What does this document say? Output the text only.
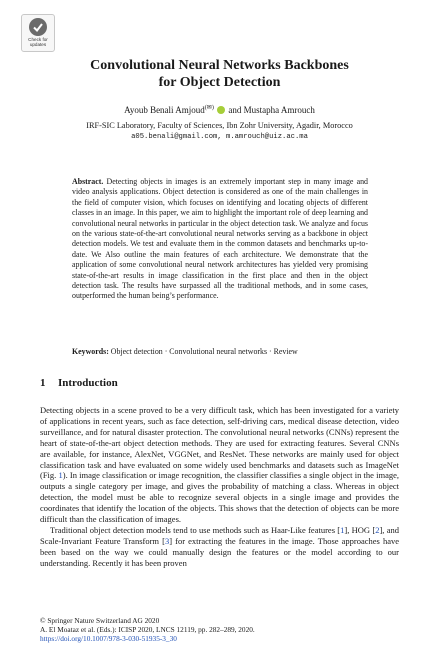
Check for
updates
Convolutional Neural Networks Backbones
for Object Detection
Ayoub Benali Amjoud(✉)  and Mustapha Amrouch
IRF-SIC Laboratory, Faculty of Sciences, Ibn Zohr University, Agadir, Morocco
a05.benali@gmail.com, m.amrouch@uiz.ac.ma
Abstract. Detecting objects in images is an extremely important step in many image and video analysis applications. Object detection is considered as one of the main challenges in the field of computer vision, which focuses on identifying and locating objects of different classes in an image. In this paper, we aim to highlight the important role of deep learning and convolutional neural networks in particular in the object detection task. We analyze and focus on the various state-of-the-art convolutional neural networks serving as a backbone in object detection models. We test and evaluate them in the common datasets and benchmarks up-to-date. We Also outline the main features of each architecture. We demonstrate that the application of some convolutional neural network architectures has yielded very promising state-of-the-art results in image classification in the first place and then in the object detection task. The results have surpassed all the traditional methods, and in some cases, outperformed the human being’s performance.
Keywords: Object detection · Convolutional neural networks · Review
1 Introduction

Detecting objects in a scene proved to be a very difficult task, which has been investigated for a variety of applications in recent years, such as face detection, self-driving cars, medical disease detection, video surveillance, and for natural disaster protection. The convolutional neural networks (CNNs) represent the heart of state-of-the-art object detection methods. They are used for extracting features. Several CNNs are available, for instance, AlexNet, VGGNet, and ResNet. These networks are mainly used for object classification task and have evaluated on some widely used benchmarks and datasets such as ImageNet (Fig. 1). In image classification or image recognition, the classifier classifies a single object in the image, outputs a single category per image, and gives the probability of matching a class. Whereas in object detection, the model must be able to recognize several objects in a single image and provides the coordinates that identify the location of the objects. This shows that the detection of objects can be more difficult than the classification of images.

Traditional object detection models tend to use methods such as Haar-Like features [1], HOG [2], and Scale-Invariant Feature Transform [3] for extracting the features in the image. Those approaches have been based on the way we could manually design the features or the model according to our understanding. Recently it has been proven

© Springer Nature Switzerland AG 2020
A. El Moataz et al. (Eds.): ICISP 2020, LNCS 12119, pp. 282–289, 2020.
https://doi.org/10.1007/978-3-030-51935-3_30
